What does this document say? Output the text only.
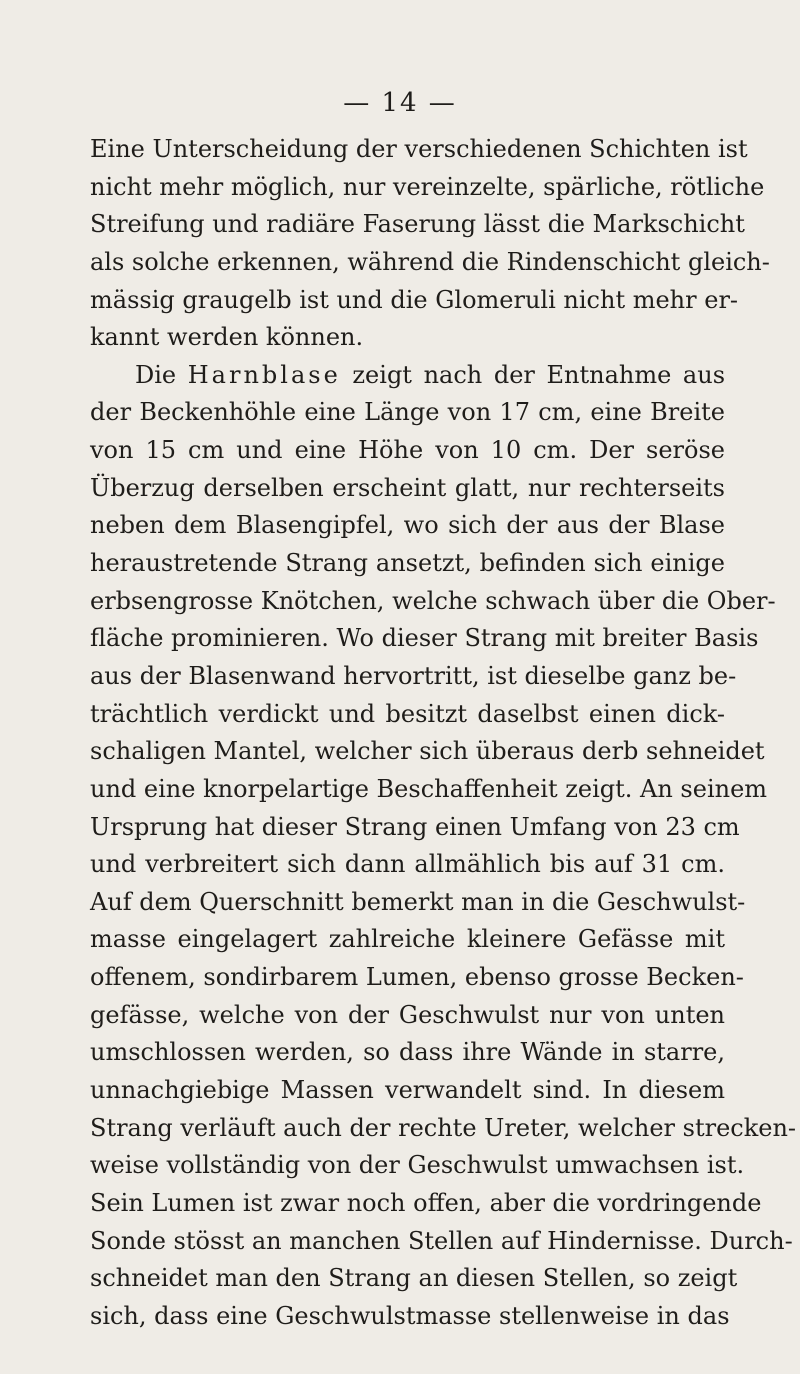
— 14 —
Eine Unterscheidung der verschiedenen Schichten ist
nicht mehr möglich, nur vereinzelte, spärliche, rötliche
Streifung und radiäre Faserung lässt die Markschicht
als solche erkennen, während die Rindenschicht gleich-
mässig graugelb ist und die Glomeruli nicht mehr er-
kannt werden können.
Die Harnblase zeigt nach der Entnahme aus
der Beckenhöhle eine Länge von 17 cm, eine Breite
von 15 cm und eine Höhe von 10 cm. Der seröse
Überzug derselben erscheint glatt, nur rechterseits
neben dem Blasengipfel, wo sich der aus der Blase
heraustretende Strang ansetzt, befinden sich einige
erbsengrosse Knötchen, welche schwach über die Ober-
fläche prominieren. Wo dieser Strang mit breiter Basis
aus der Blasenwand hervortritt, ist dieselbe ganz be-
trächtlich verdickt und besitzt daselbst einen dick-
schaligen Mantel, welcher sich überaus derb sehneidet
und eine knorpelartige Beschaffenheit zeigt. An seinem
Ursprung hat dieser Strang einen Umfang von 23 cm
und verbreitert sich dann allmählich bis auf 31 cm.
Auf dem Querschnitt bemerkt man in die Geschwulst-
masse eingelagert zahlreiche kleinere Gefässe mit
offenem, sondirbarem Lumen, ebenso grosse Becken-
gefässe, welche von der Geschwulst nur von unten
umschlossen werden, so dass ihre Wände in starre,
unnachgiebige Massen verwandelt sind. In diesem
Strang verläuft auch der rechte Ureter, welcher strecken-
weise vollständig von der Geschwulst umwachsen ist.
Sein Lumen ist zwar noch offen, aber die vordringende
Sonde stösst an manchen Stellen auf Hindernisse. Durch-
schneidet man den Strang an diesen Stellen, so zeigt
sich, dass eine Geschwulstmasse stellenweise in das
